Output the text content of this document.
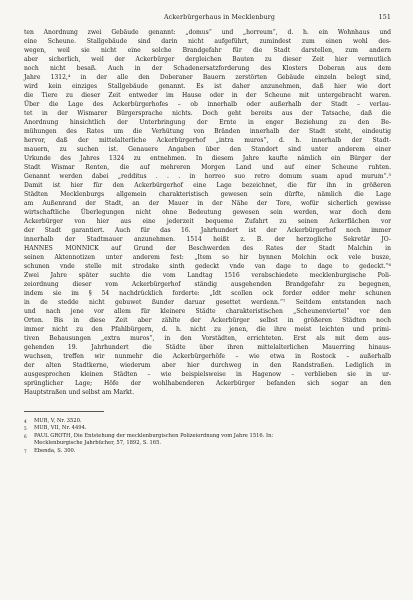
Ackerbürgerhaus in Mecklenburg	151

ten Anordnung zwei Gebäude genannt: „domus“ und „horreum“, d. h. ein Wohnhaus und

eine Scheune. Stallgebäude sind darin nicht aufgeführt, zumindest zum einen wohl des-

wegen, weil sie nicht eine solche Brandgefahr für die Stadt darstellen, zum andern

aber sicherlich, weil der Ackerbürger dergleichen Bauten zu dieser Zeit hier vermutlich

noch nicht besaß. Auch in der Schadenersatzforderung des Klosters Doberan aus dem

Jahre 1312,⁴ in der alle den Doberaner Bauern zerstörten Gebäude einzeln belegt sind,

wird kein einziges Stallgebäude genannt. Es ist daher anzunehmen, daß hier wie dort

die Tiere zu dieser Zeit entweder im Hause oder in der Scheune mit untergebracht waren.

Über die Lage des Ackerbürgerhofes – ob innerhalb oder außerhalb der Stadt – verlau-

tet in der Wismarer Bürgersprache nichts. Doch geht bereits aus der Tatsache, daß die

Anordnung hinsichtlich der Unterbringung der Ernte in enger Beziehung zu den Be-

mühungen des Rates um die Verhütung von Bränden innerhalb der Stadt steht, eindeutig

hervor, daß der mittelalterliche Ackerbürgerhof „intra muros“, d. h. innerhalb der Stadt-

mauern, zu suchen ist. Genauere Angaben über den Standort sind unter anderem einer

Urkunde des Jahres 1324 zu entnehmen. In diesem Jahre kaufte nämlich ein Bürger der

Stadt Wismar Renten, die auf mehreren Morgen Land und auf einer Scheune ruhten.

Genannt werden dabei „redditus . . . in horreo suo retro domum suam apud murum“.⁵

Damit ist hier für den Ackerbürgerhof eine Lage bezeichnet, die für ihn in größeren

Städten Mecklenburgs allgemein charakteristisch gewesen sein dürfte, nämlich die Lage

am Außenrand der Stadt, an der Mauer in der Nähe der Tore, wofür sicherlich gewisse

wirtschaftliche Überlegungen nicht ohne Bedeutung gewesen sein werden, war doch dem

Ackerbürger von hier aus eine jederzeit bequeme Zufahrt zu seinen Ackerflächen vor

der Stadt garantiert. Auch für das 16. Jahrhundert ist der Ackerbürgerhof noch immer

innerhalb der Stadtmauer anzunehmen. 1514 heißt z. B. der herzogliche Sekretär JO-

HANNES MONNICK auf Grund der Beschwerden des Rates der Stadt Malchin in

seinen Aktennotizen unter anderem fest: „Item so hir bynnen Molchin ock vele busze,

schunen vnde stelle mit strodake sinth gedeckt vnde van dage to dage to gedeckt.“⁶

Zwei Jahre später suchte die vom Landtag 1516 verabschiedete mecklenburgische Poli-

zeiordnung dieser vom Ackerbürgerhof ständig ausgehenden Brandgefahr zu begegnen,

indem sie im § 54 nachdrücklich forderte: „Idt scollen ock forder edder mehr schunen

in de stedde nicht gebuwet ßunder daruar gesettet werdenn.“⁷ Seitdem entstanden nach

und nach jene vor allem für kleinere Städte charakteristischen „Scheunenviertel“ vor den

Orten. Bis in diese Zeit aber zählte der Ackerbürger selbst in größeren Städten noch

immer nicht zu den Pfahlbürgern, d. h. nicht zu jenen, die ihre meist leichten und primi-

tiven Behausungen „extra muros“, in den Vorstädten, errichteten. Erst als mit dem aus-

gehenden 19. Jahrhundert die Städte über ihren mittelalterlichen Mauerring hinaus-

wuchsen, treffen wir nunmehr die Ackerbürgerhöfe – wie etwa in Rostock – außerhalb

der alten Stadtkerne, wiederum aber hier durchweg in den Randstraßen. Lediglich in

ausgesprochen kleinen Städten – wie beispielsweise in Hagenow – verblieben sie in ur-

sprünglicher Lage; Höfe der wohlhabenderen Ackerbürger befanden sich sogar an den

Hauptstraßen und selbst am Markt.

4	MUB, V, Nr. 3520.
5	MUB, VII, Nr. 4494.
6	PAUL GROTH, Die Entstehung der mecklenburgischen Polizeiordnung vom Jahre 1516. In:
Mecklenburgische Jahrbücher, 57, 1892, S. 165.
7	Ebenda, S. 300.
